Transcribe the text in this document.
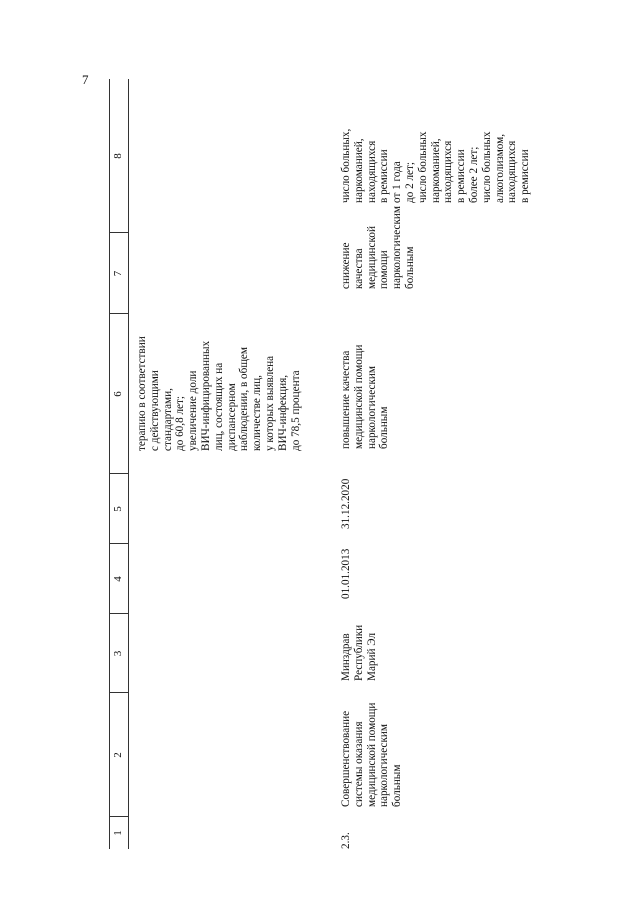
7
1
2
3
4
5
6
7
8
терапию в соответствии с действующими стандартами, до 60,8 лет; увеличение доли ВИЧ-инфицированных лиц, состоящих на диспансерном наблюдении, в общем количестве лиц, у которых выявлена ВИЧ-инфекция, до 78,5 процента
2.3.
Совершенствование системы оказания медицинской помощи наркологическим больным
Минздрав Республики Марий Эл
01.01.2013
31.12.2020
повышение качества медицинской помощи наркологическим больным
снижение качества медицинской помощи наркологическим больным
число больных, наркоманией, находящихся в ремиссии от 1 года до 2 лет; число больных наркоманией, находящихся в ремиссии более 2 лет; число больных алкоголизмом, находящихся в ремиссии
